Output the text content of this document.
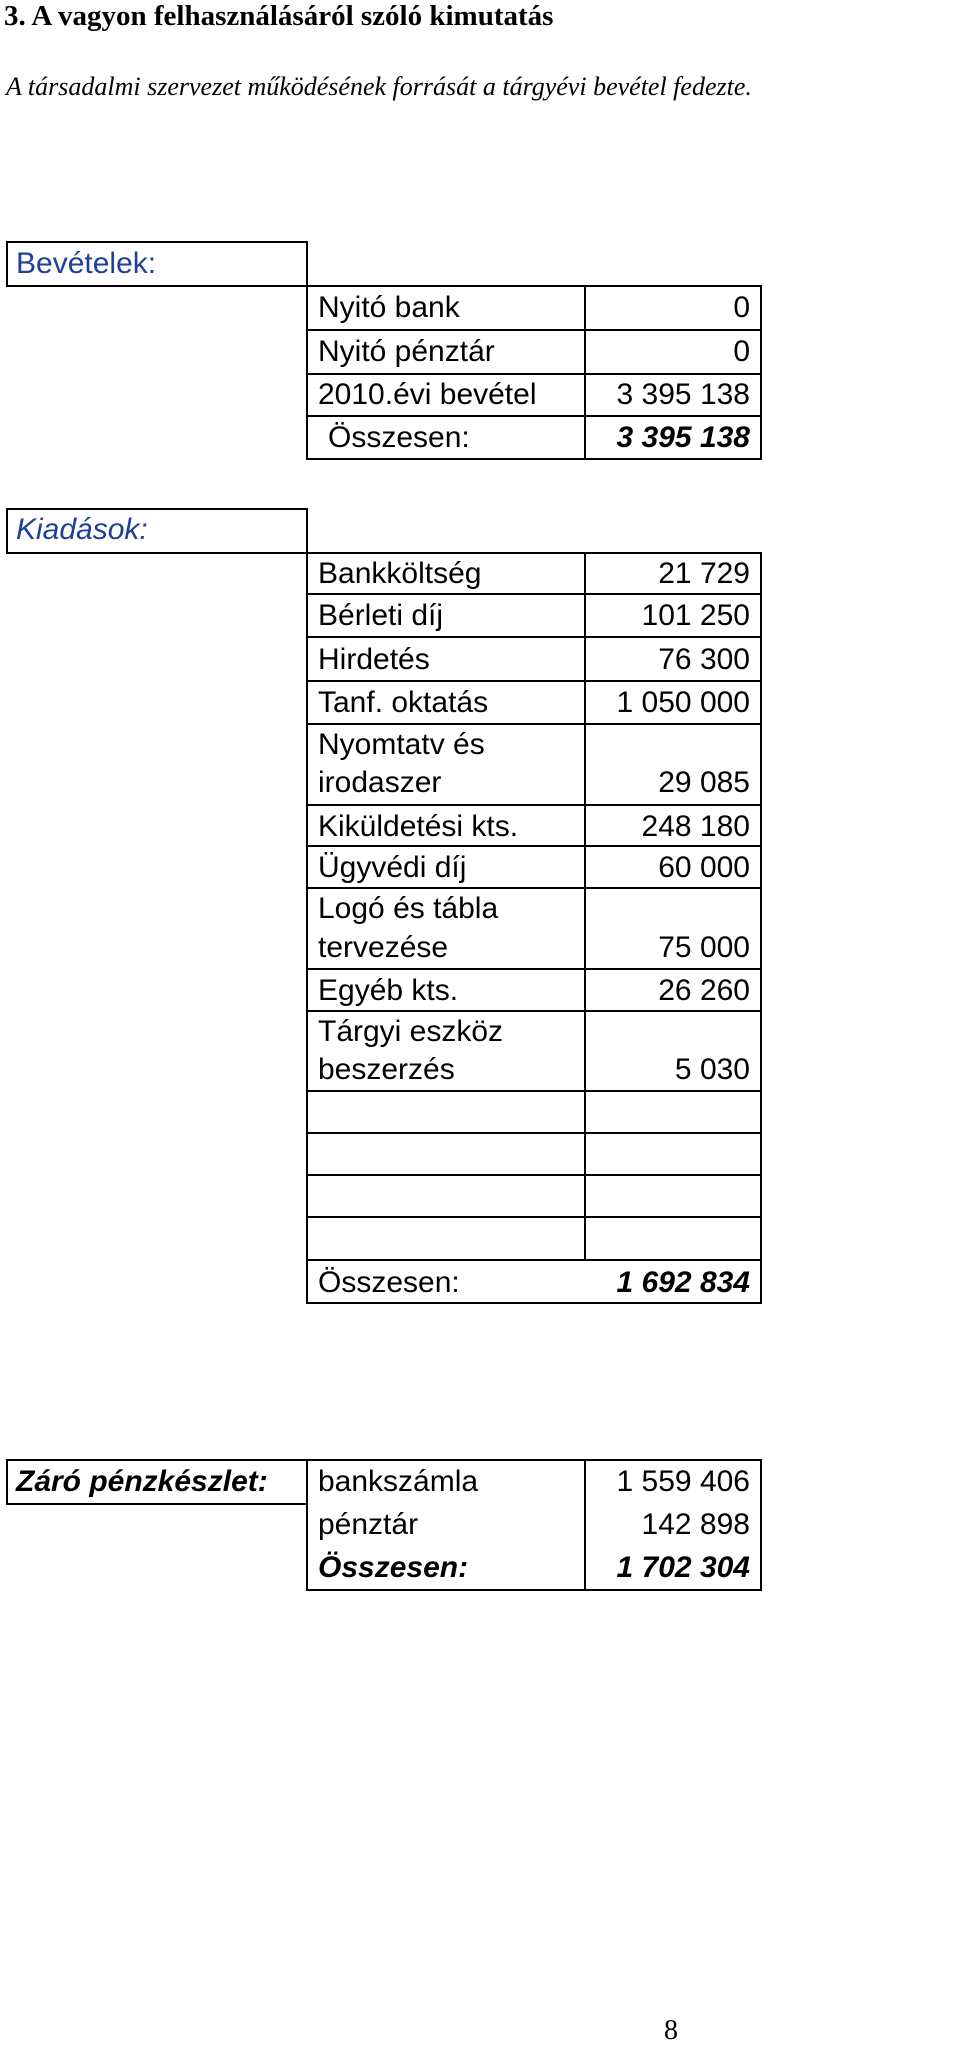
3. A vagyon felhasználásáról szóló kimutatás
A társadalmi szervezet működésének forrását a tárgyévi bevétel fedezte.
Bevételek:
Nyitó bank	0
Nyitó pénztár	0
2010.évi bevétel	3 395 138
Összesen:	3 395 138
Kiadások:
Bankköltség	21 729
Bérleti díj	101 250
Hirdetés	76 300
Tanf. oktatás	1 050 000
Nyomtatv és
irodaszer	29 085
Kiküldetési kts.	248 180
Ügyvédi díj	60 000
Logó és tábla
tervezése	75 000
Egyéb kts.	26 260
Tárgyi eszköz
beszerzés	5 030
Összesen:	1 692 834
Záró pénzkészlet: bankszámla	1 559 406
pénztár	142 898
Összesen:	1 702 304
8
